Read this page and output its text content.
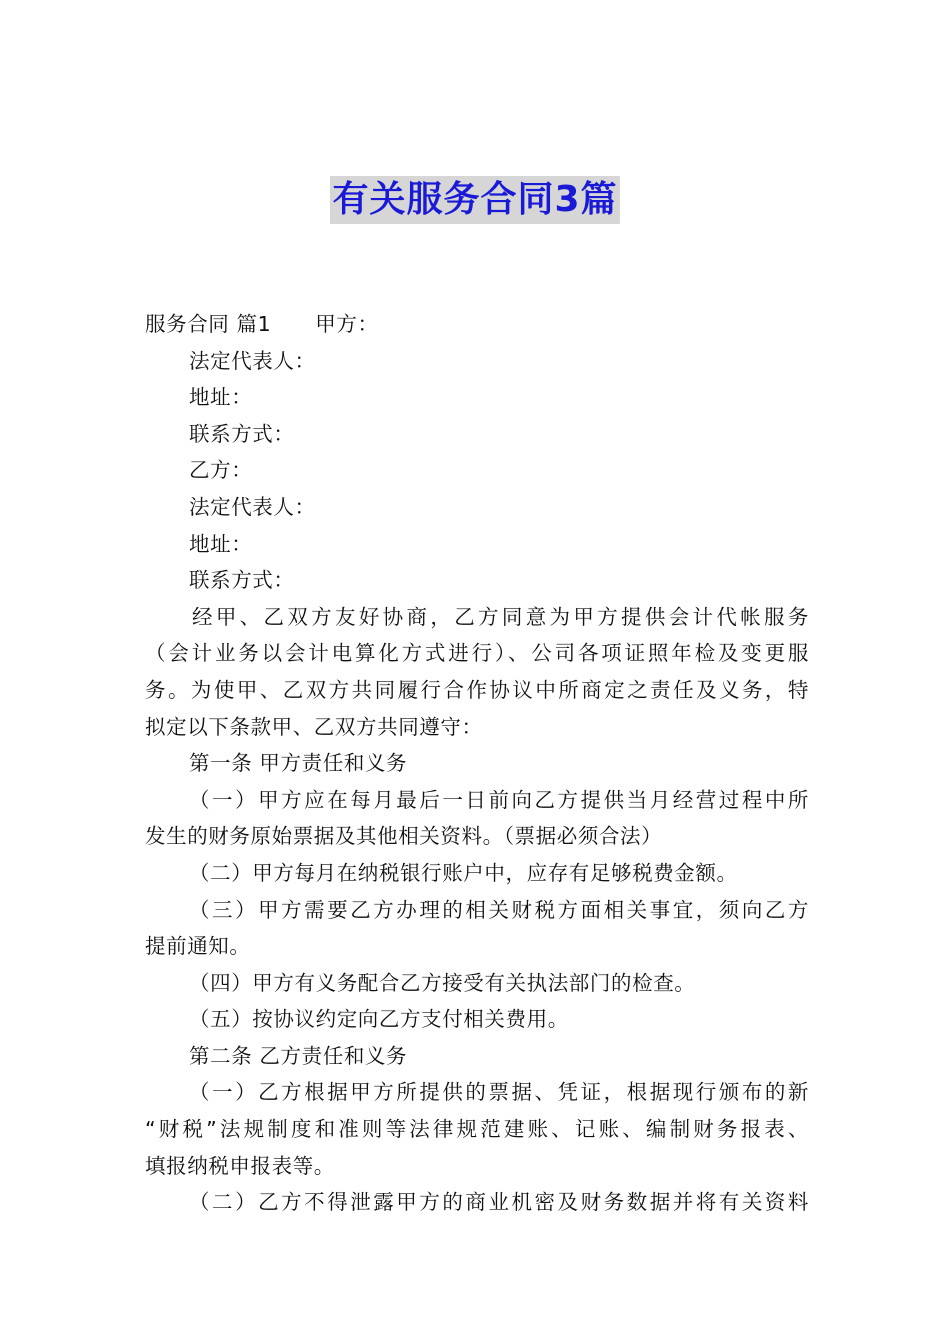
有关服务合同3篇
服务合同 篇1 甲方：
法定代表人：
地址：
联系方式：
乙方：
法定代表人：
地址：
联系方式：
经甲、乙双方友好协商，乙方同意为甲方提供会计代帐服务
（会计业务以会计电算化方式进行）、公司各项证照年检及变更服
务。为使甲、乙双方共同履行合作协议中所商定之责任及义务，特
拟定以下条款甲、乙双方共同遵守：
第一条 甲方责任和义务
（一）甲方应在每月最后一日前向乙方提供当月经营过程中所
发生的财务原始票据及其他相关资料。（票据必须合法）
（二）甲方每月在纳税银行账户中，应存有足够税费金额。
（三）甲方需要乙方办理的相关财税方面相关事宜，须向乙方
提前通知。
（四）甲方有义务配合乙方接受有关执法部门的检查。
（五）按协议约定向乙方支付相关费用。
第二条 乙方责任和义务
（一）乙方根据甲方所提供的票据、凭证，根据现行颁布的新
“财税”法规制度和准则等法律规范建账、记账、编制财务报表、
填报纳税申报表等。
（二）乙方不得泄露甲方的商业机密及财务数据并将有关资料
